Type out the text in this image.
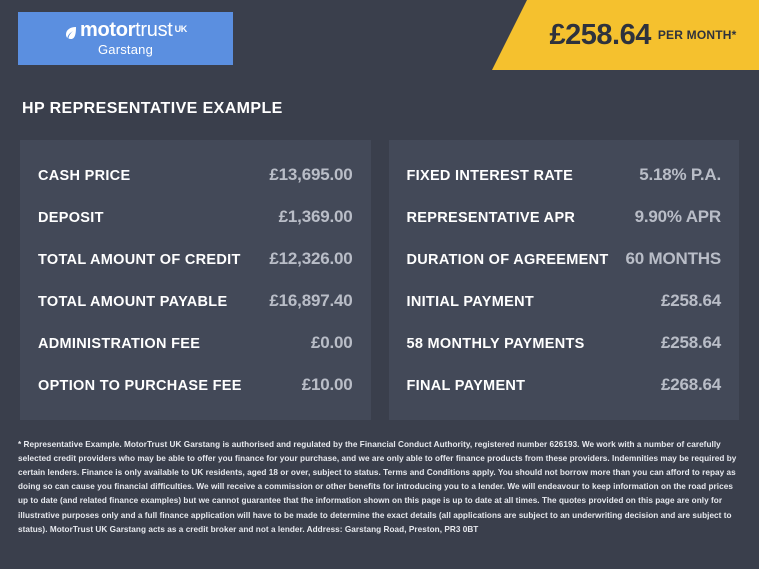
motor trust UK
Garstang	£258.64 PER MONTH*
HP REPRESENTATIVE EXAMPLE
CASH PRICE	£13,695.00
DEPOSIT	£1,369.00
TOTAL AMOUNT OF CREDIT £12,326.00
TOTAL AMOUNT PAYABLE £16,897.40
ADMINISTRATION FEE	£0.00
OPTION TO PURCHASE FEE	£10.00
FIXED INTEREST RATE	5.18% P.A.
REPRESENTATIVE APR	9.90% APR
DURATION OF AGREEMENT 60 MONTHS
INITIAL PAYMENT	£258.64
58 MONTHLY PAYMENTS	£258.64
FINAL PAYMENT	£268.64
* Representative Example. MotorTrust UK Garstang is authorised and regulated by the Financial Conduct Authority, registered number 626193. We work with a number of carefully selected credit providers who may be able to offer you finance for your purchase, and we are only able to offer finance products from these providers. Indemnities may be required by certain lenders. Finance is only available to UK residents, aged 18 or over, subject to status. Terms and Conditions apply. You should not borrow more than you can afford to repay as doing so can cause you financial difficulties. We will receive a commission or other benefits for introducing you to a lender. We will endeavour to keep information on the road prices up to date (and related finance examples) but we cannot guarantee that the information shown on this page is up to date at all times. The quotes provided on this page are only for illustrative purposes only and a full finance application will have to be made to determine the exact details (all applications are subject to an underwriting decision and are subject to status). MotorTrust UK Garstang acts as a credit broker and not a lender. Address: Garstang Road, Preston, PR3 0BT
